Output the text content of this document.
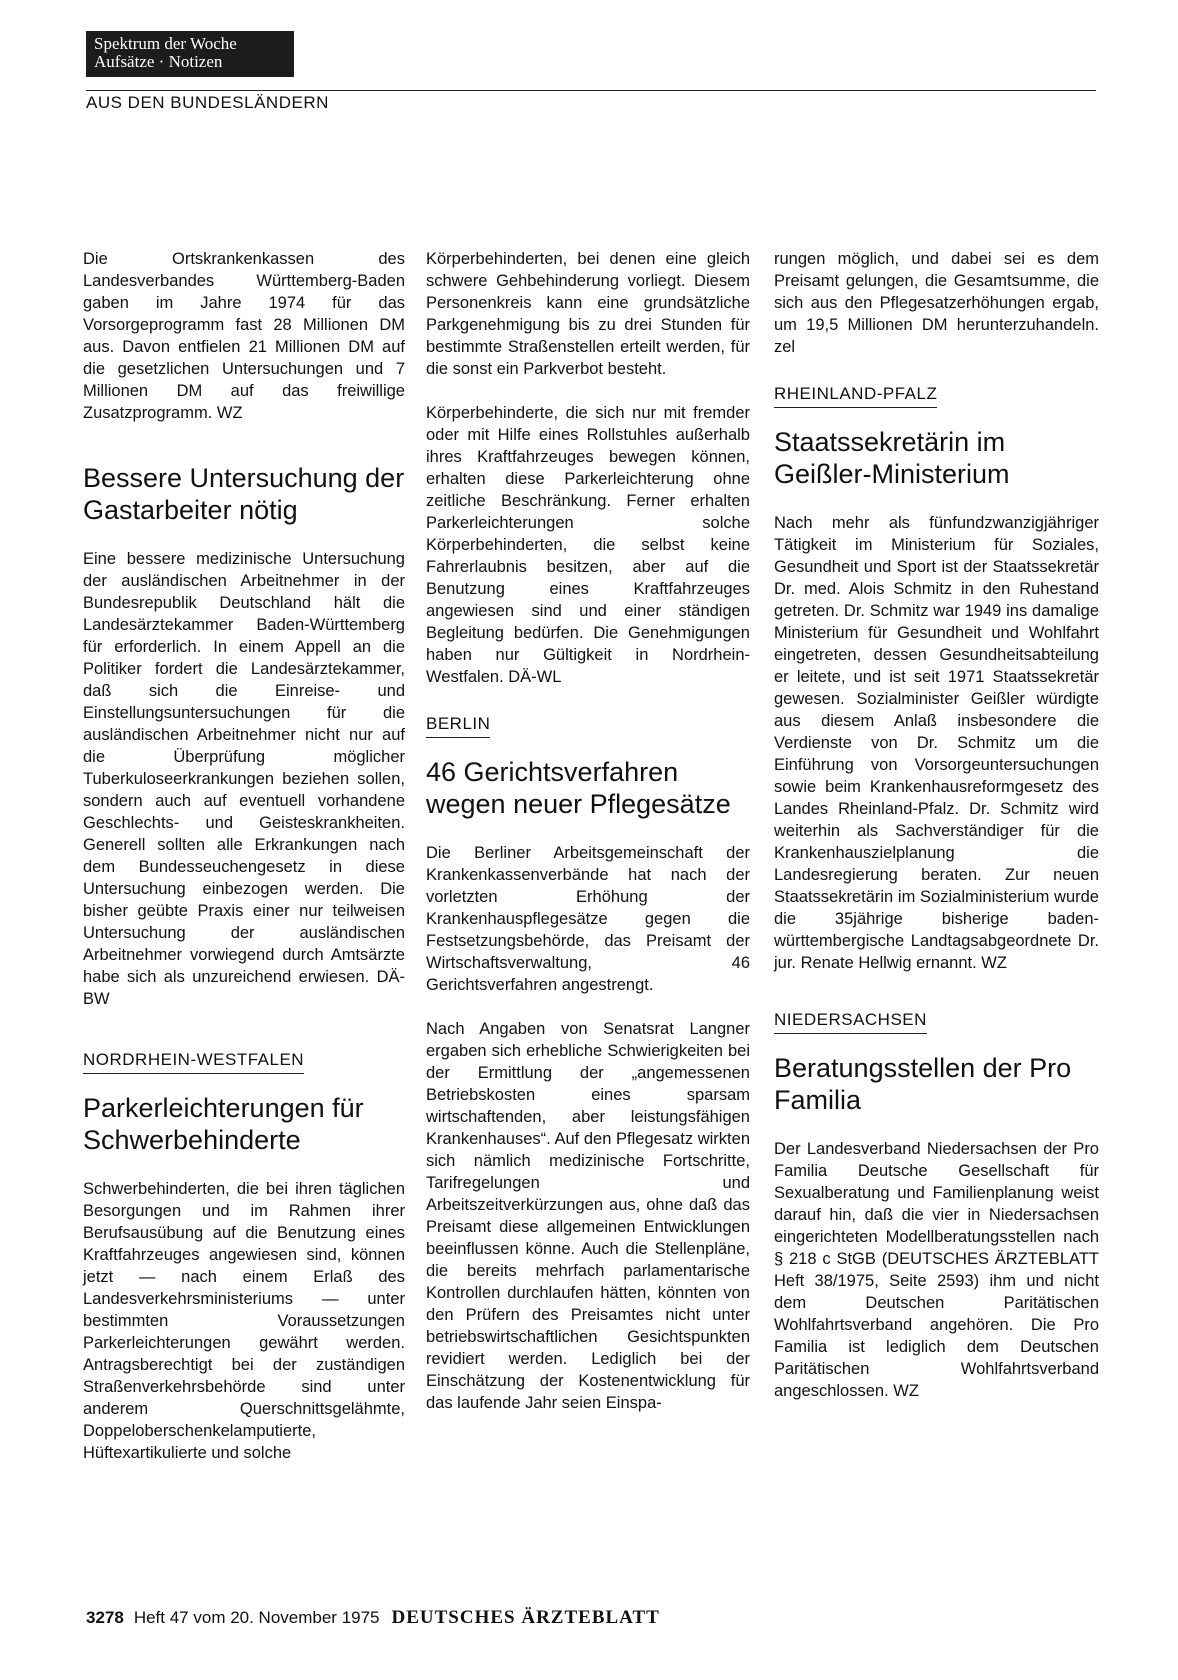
Spektrum der Woche
Aufsätze · Notizen
AUS DEN BUNDESLÄNDERN

Die Ortskrankenkassen des Landesverbandes Württemberg-Baden gaben im Jahre 1974 für das Vorsorgeprogramm fast 28 Millionen DM aus. Davon entfielen 21 Millionen DM auf die gesetzlichen Untersuchungen und 7 Millionen DM auf das freiwillige Zusatzprogramm. WZ

Bessere Untersuchung der Gastarbeiter nötig

Eine bessere medizinische Untersuchung der ausländischen Arbeitnehmer in der Bundesrepublik Deutschland hält die Landesärztekammer Baden-Württemberg für erforderlich. In einem Appell an die Politiker fordert die Landesärztekammer, daß sich die Einreise- und Einstellungsuntersuchungen für die ausländischen Arbeitnehmer nicht nur auf die Überprüfung möglicher Tuberkuloseerkrankungen beziehen sollen, sondern auch auf eventuell vorhandene Geschlechts- und Geisteskrankheiten. Generell sollten alle Erkrankungen nach dem Bundesseuchengesetz in diese Untersuchung einbezogen werden. Die bisher geübte Praxis einer nur teilweisen Untersuchung der ausländischen Arbeitnehmer vorwiegend durch Amtsärzte habe sich als unzureichend erwiesen. DÄ-BW

NORDRHEIN-WESTFALEN
Parkerleichterungen für Schwerbehinderte

Schwerbehinderten, die bei ihren täglichen Besorgungen und im Rahmen ihrer Berufsausübung auf die Benutzung eines Kraftfahrzeuges angewiesen sind, können jetzt — nach einem Erlaß des Landesverkehrsministeriums — unter bestimmten Voraussetzungen Parkerleichterungen gewährt werden. Antragsberechtigt bei der zuständigen Straßenverkehrsbehörde sind unter anderem Querschnittsgelähmte, Doppeloberschenkelamputierte, Hüftexartikulierte und solche

Körperbehinderten, bei denen eine gleich schwere Gehbehinderung vorliegt. Diesem Personenkreis kann eine grundsätzliche Parkgenehmigung bis zu drei Stunden für bestimmte Straßenstellen erteilt werden, für die sonst ein Parkverbot besteht.

Körperbehinderte, die sich nur mit fremder oder mit Hilfe eines Rollstuhles außerhalb ihres Kraftfahrzeuges bewegen können, erhalten diese Parkerleichterung ohne zeitliche Beschränkung. Ferner erhalten Parkerleichterungen solche Körperbehinderten, die selbst keine Fahrerlaubnis besitzen, aber auf die Benutzung eines Kraftfahrzeuges angewiesen sind und einer ständigen Begleitung bedürfen. Die Genehmigungen haben nur Gültigkeit in Nordrhein-Westfalen. DÄ-WL

BERLIN
46 Gerichtsverfahren wegen neuer Pflegesätze

Die Berliner Arbeitsgemeinschaft der Krankenkassenverbände hat nach der vorletzten Erhöhung der Krankenhauspflegesätze gegen die Festsetzungsbehörde, das Preisamt der Wirtschaftsverwaltung, 46 Gerichtsverfahren angestrengt.

Nach Angaben von Senatsrat Langner ergaben sich erhebliche Schwierigkeiten bei der Ermittlung der „angemessenen Betriebskosten eines sparsam wirtschaftenden, aber leistungsfähigen Krankenhauses“. Auf den Pflegesatz wirkten sich nämlich medizinische Fortschritte, Tarifregelungen und Arbeitszeitverkürzungen aus, ohne daß das Preisamt diese allgemeinen Entwicklungen beeinflussen könne. Auch die Stellenpläne, die bereits mehrfach parlamentarische Kontrollen durchlaufen hätten, könnten von den Prüfern des Preisamtes nicht unter betriebswirtschaftlichen Gesichtspunkten revidiert werden. Lediglich bei der Einschätzung der Kostenentwicklung für das laufende Jahr seien Einspa-

rungen möglich, und dabei sei es dem Preisamt gelungen, die Gesamtsumme, die sich aus den Pflegesatzerhöhungen ergab, um 19,5 Millionen DM herunterzuhandeln. zel

RHEINLAND-PFALZ
Staatssekretärin im Geißler-Ministerium

Nach mehr als fünfundzwanzigjähriger Tätigkeit im Ministerium für Soziales, Gesundheit und Sport ist der Staatssekretär Dr. med. Alois Schmitz in den Ruhestand getreten. Dr. Schmitz war 1949 ins damalige Ministerium für Gesundheit und Wohlfahrt eingetreten, dessen Gesundheitsabteilung er leitete, und ist seit 1971 Staatssekretär gewesen. Sozialminister Geißler würdigte aus diesem Anlaß insbesondere die Verdienste von Dr. Schmitz um die Einführung von Vorsorgeuntersuchungen sowie beim Krankenhausreformgesetz des Landes Rheinland-Pfalz. Dr. Schmitz wird weiterhin als Sachverständiger für die Krankenhauszielplanung die Landesregierung beraten. Zur neuen Staatssekretärin im Sozialministerium wurde die 35jährige bisherige baden-württembergische Landtagsabgeordnete Dr. jur. Renate Hellwig ernannt. WZ

NIEDERSACHSEN
Beratungsstellen der Pro Familia

Der Landesverband Niedersachsen der Pro Familia Deutsche Gesellschaft für Sexualberatung und Familienplanung weist darauf hin, daß die vier in Niedersachsen eingerichteten Modellberatungsstellen nach § 218 c StGB (DEUTSCHES ÄRZTEBLATT Heft 38/1975, Seite 2593) ihm und nicht dem Deutschen Paritätischen Wohlfahrtsverband angehören. Die Pro Familia ist lediglich dem Deutschen Paritätischen Wohlfahrtsverband angeschlossen. WZ

3278 Heft 47 vom 20. November 1975 DEUTSCHES ÄRZTEBLATT
